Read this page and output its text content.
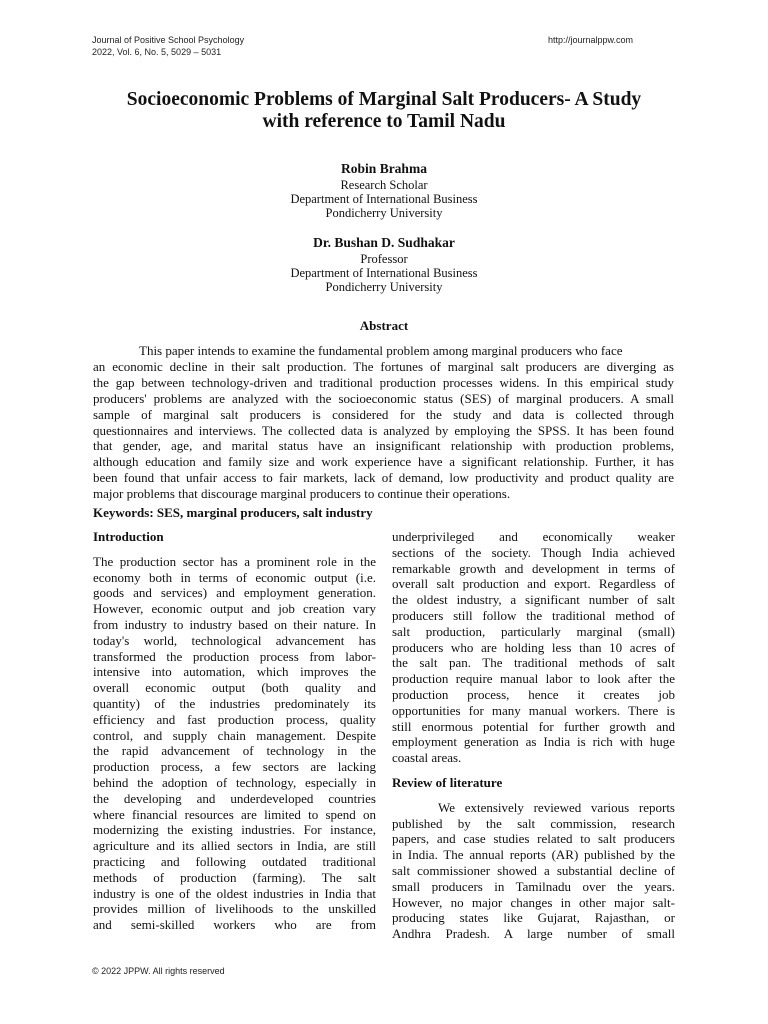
Journal of Positive School Psychology
2022, Vol. 6, No. 5, 5029 – 5031
http://journalppw.com
Socioeconomic Problems of Marginal Salt Producers- A Study
with reference to Tamil Nadu
Robin Brahma
Research Scholar
Department of International Business
Pondicherry University
Dr. Bushan D. Sudhakar
Professor
Department of International Business
Pondicherry University
Abstract
This paper intends to examine the fundamental problem among marginal producers who face
an economic decline in their salt production. The fortunes of marginal salt producers are diverging as
the gap between technology-driven and traditional production processes widens. In this empirical study
producers' problems are analyzed with the socioeconomic status (SES) of marginal producers. A small
sample of marginal salt producers is considered for the study and data is collected through
questionnaires and interviews. The collected data is analyzed by employing the SPSS. It has been found
that gender, age, and marital status have an insignificant relationship with production problems,
although education and family size and work experience have a significant relationship. Further, it has
been found that unfair access to fair markets, lack of demand, low productivity and product quality are
major problems that discourage marginal producers to continue their operations.
Keywords: SES, marginal producers, salt industry
Introduction
The production sector has a prominent role in the
economy both in terms of economic output (i.e.
goods and services) and employment generation.
However, economic output and job creation vary
from industry to industry based on their nature. In
today's world, technological advancement has
transformed the production process from labor-
intensive into automation, which improves the
overall economic output (both quality and
quantity) of the industries predominately its
efficiency and fast production process, quality
control, and supply chain management. Despite
the rapid advancement of technology in the
production process, a few sectors are lacking
behind the adoption of technology, especially in
the developing and underdeveloped countries
where financial resources are limited to spend on
modernizing the existing industries. For instance,
agriculture and its allied sectors in India, are still
practicing and following outdated traditional
methods of production (farming). The salt
industry is one of the oldest industries in India that
provides million of livelihoods to the unskilled
and semi-skilled workers who are from
underprivileged and economically weaker
sections of the society. Though India achieved
remarkable growth and development in terms of
overall salt production and export. Regardless of
the oldest industry, a significant number of salt
producers still follow the traditional method of
salt production, particularly marginal (small)
producers who are holding less than 10 acres of
the salt pan. The traditional methods of salt
production require manual labor to look after the
production process, hence it creates job
opportunities for many manual workers. There is
still enormous potential for further growth and
employment generation as India is rich with huge
coastal areas.
Review of literature
We extensively reviewed various reports
published by the salt commission, research
papers, and case studies related to salt producers
in India. The annual reports (AR) published by the
salt commissioner showed a substantial decline of
small producers in Tamilnadu over the years.
However, no major changes in other major salt-
producing states like Gujarat, Rajasthan, or
Andhra Pradesh. A large number of small
© 2022 JPPW. All rights reserved
